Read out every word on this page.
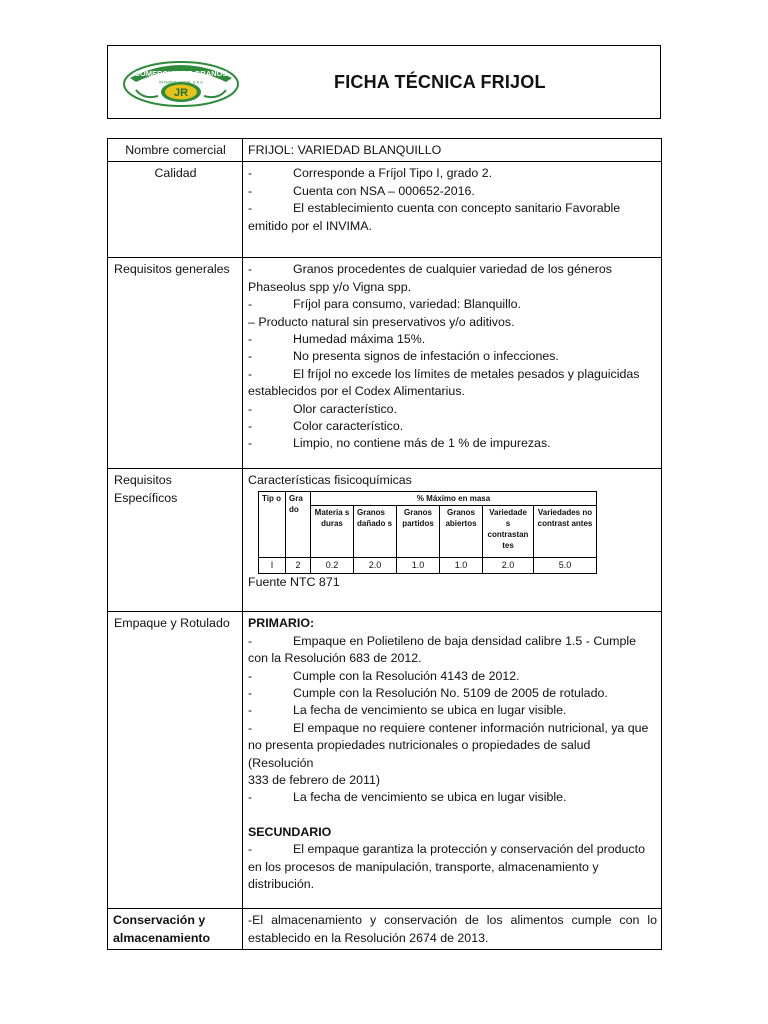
COMERCIAL DE GRANOS
JR
INTERNACIONAL S.A.S	FICHA TÉCNICA FRIJOL
Nombre comercial	FRIJOL: VARIEDAD BLANQUILLO
Calidad	-	Corresponde a Fríjol Tipo I, grado 2.
-	Cuenta con NSA – 000652-2016.
-	El establecimiento cuenta con concepto sanitario Favorable emitido por el INVIMA.

Requisitos generales	-	Granos procedentes de cualquier variedad de los géneros Phaseolus spp y/o Vigna spp.
-	Fríjol para consumo, variedad: Blanquillo.
– Producto natural sin preservativos y/o aditivos.
-	Humedad máxima 15%.
-	No presenta signos de infestación o infecciones.
-	El fríjol no excede los límites de metales pesados y plaguicidas establecidos por el Codex Alimentarius.
-	Olor característico.
-	Color característico.
-	Limpio, no contiene más de 1 % de impurezas.

Requisitos Específicos	
Características fisicoquímicas
Tip o	Gra do	% Máximo en masa
Materia s duras	Granos dañado s	Granos partidos	Granos abiertos	Variedade s contrastan tes	Variedades no contrast antes
I	2	0.2	2.0	1.0	1.0	2.0	5.0
Fuente NTC 871

Empaque y Rotulado	PRIMARIO:
-	Empaque en Polietileno de baja densidad calibre 1.5 - Cumple con la Resolución 683 de 2012.
-	Cumple con la Resolución 4143 de 2012.
-	Cumple con la Resolución No. 5109 de 2005 de rotulado.
-	La fecha de vencimiento se ubica en lugar visible.
-	El empaque no requiere contener información nutricional, ya que no presenta propiedades nutricionales o propiedades de salud (Resolución
333 de febrero de 2011)
-	La fecha de vencimiento se ubica en lugar visible.
SECUNDARIO
-	El empaque garantiza la protección y conservación del producto en los procesos de manipulación, transporte, almacenamiento y distribución.

Conservación y almacenamiento	-El almacenamiento y conservación de los alimentos cumple con lo establecido en la Resolución 2674 de 2013.
